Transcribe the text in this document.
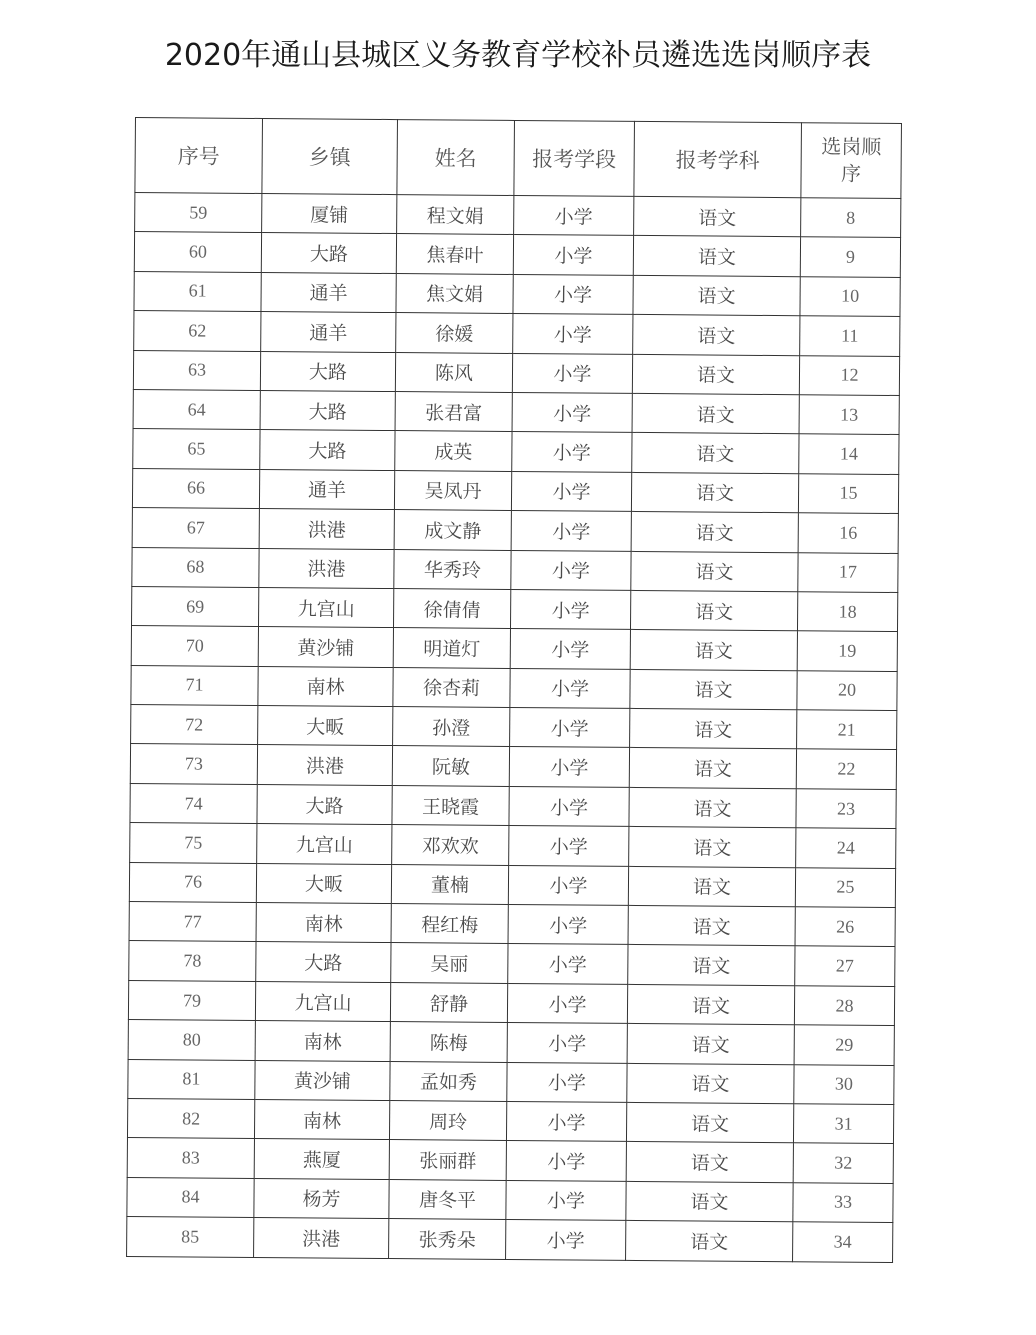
2020年通山县城区义务教育学校补员遴选选岗顺序表
序号	乡镇	姓名	报考学段	报考学科	选岗顺
序
59	厦铺	程文娟	小学	语文	8
60	大路	焦春叶	小学	语文	9
61	通羊	焦文娟	小学	语文	10
62	通羊	徐媛	小学	语文	11
63	大路	陈风	小学	语文	12
64	大路	张君富	小学	语文	13
65	大路	成英	小学	语文	14
66	通羊	吴凤丹	小学	语文	15
67	洪港	成文静	小学	语文	16
68	洪港	华秀玲	小学	语文	17
69	九宫山	徐倩倩	小学	语文	18
70	黄沙铺	明道灯	小学	语文	19
71	南林	徐杏莉	小学	语文	20
72	大畈	孙澄	小学	语文	21
73	洪港	阮敏	小学	语文	22
74	大路	王晓霞	小学	语文	23
75	九宫山	邓欢欢	小学	语文	24
76	大畈	董楠	小学	语文	25
77	南林	程红梅	小学	语文	26
78	大路	吴丽	小学	语文	27
79	九宫山	舒静	小学	语文	28
80	南林	陈梅	小学	语文	29
81	黄沙铺	孟如秀	小学	语文	30
82	南林	周玲	小学	语文	31
83	燕厦	张丽群	小学	语文	32
84	杨芳	唐冬平	小学	语文	33
85	洪港	张秀朵	小学	语文	34
